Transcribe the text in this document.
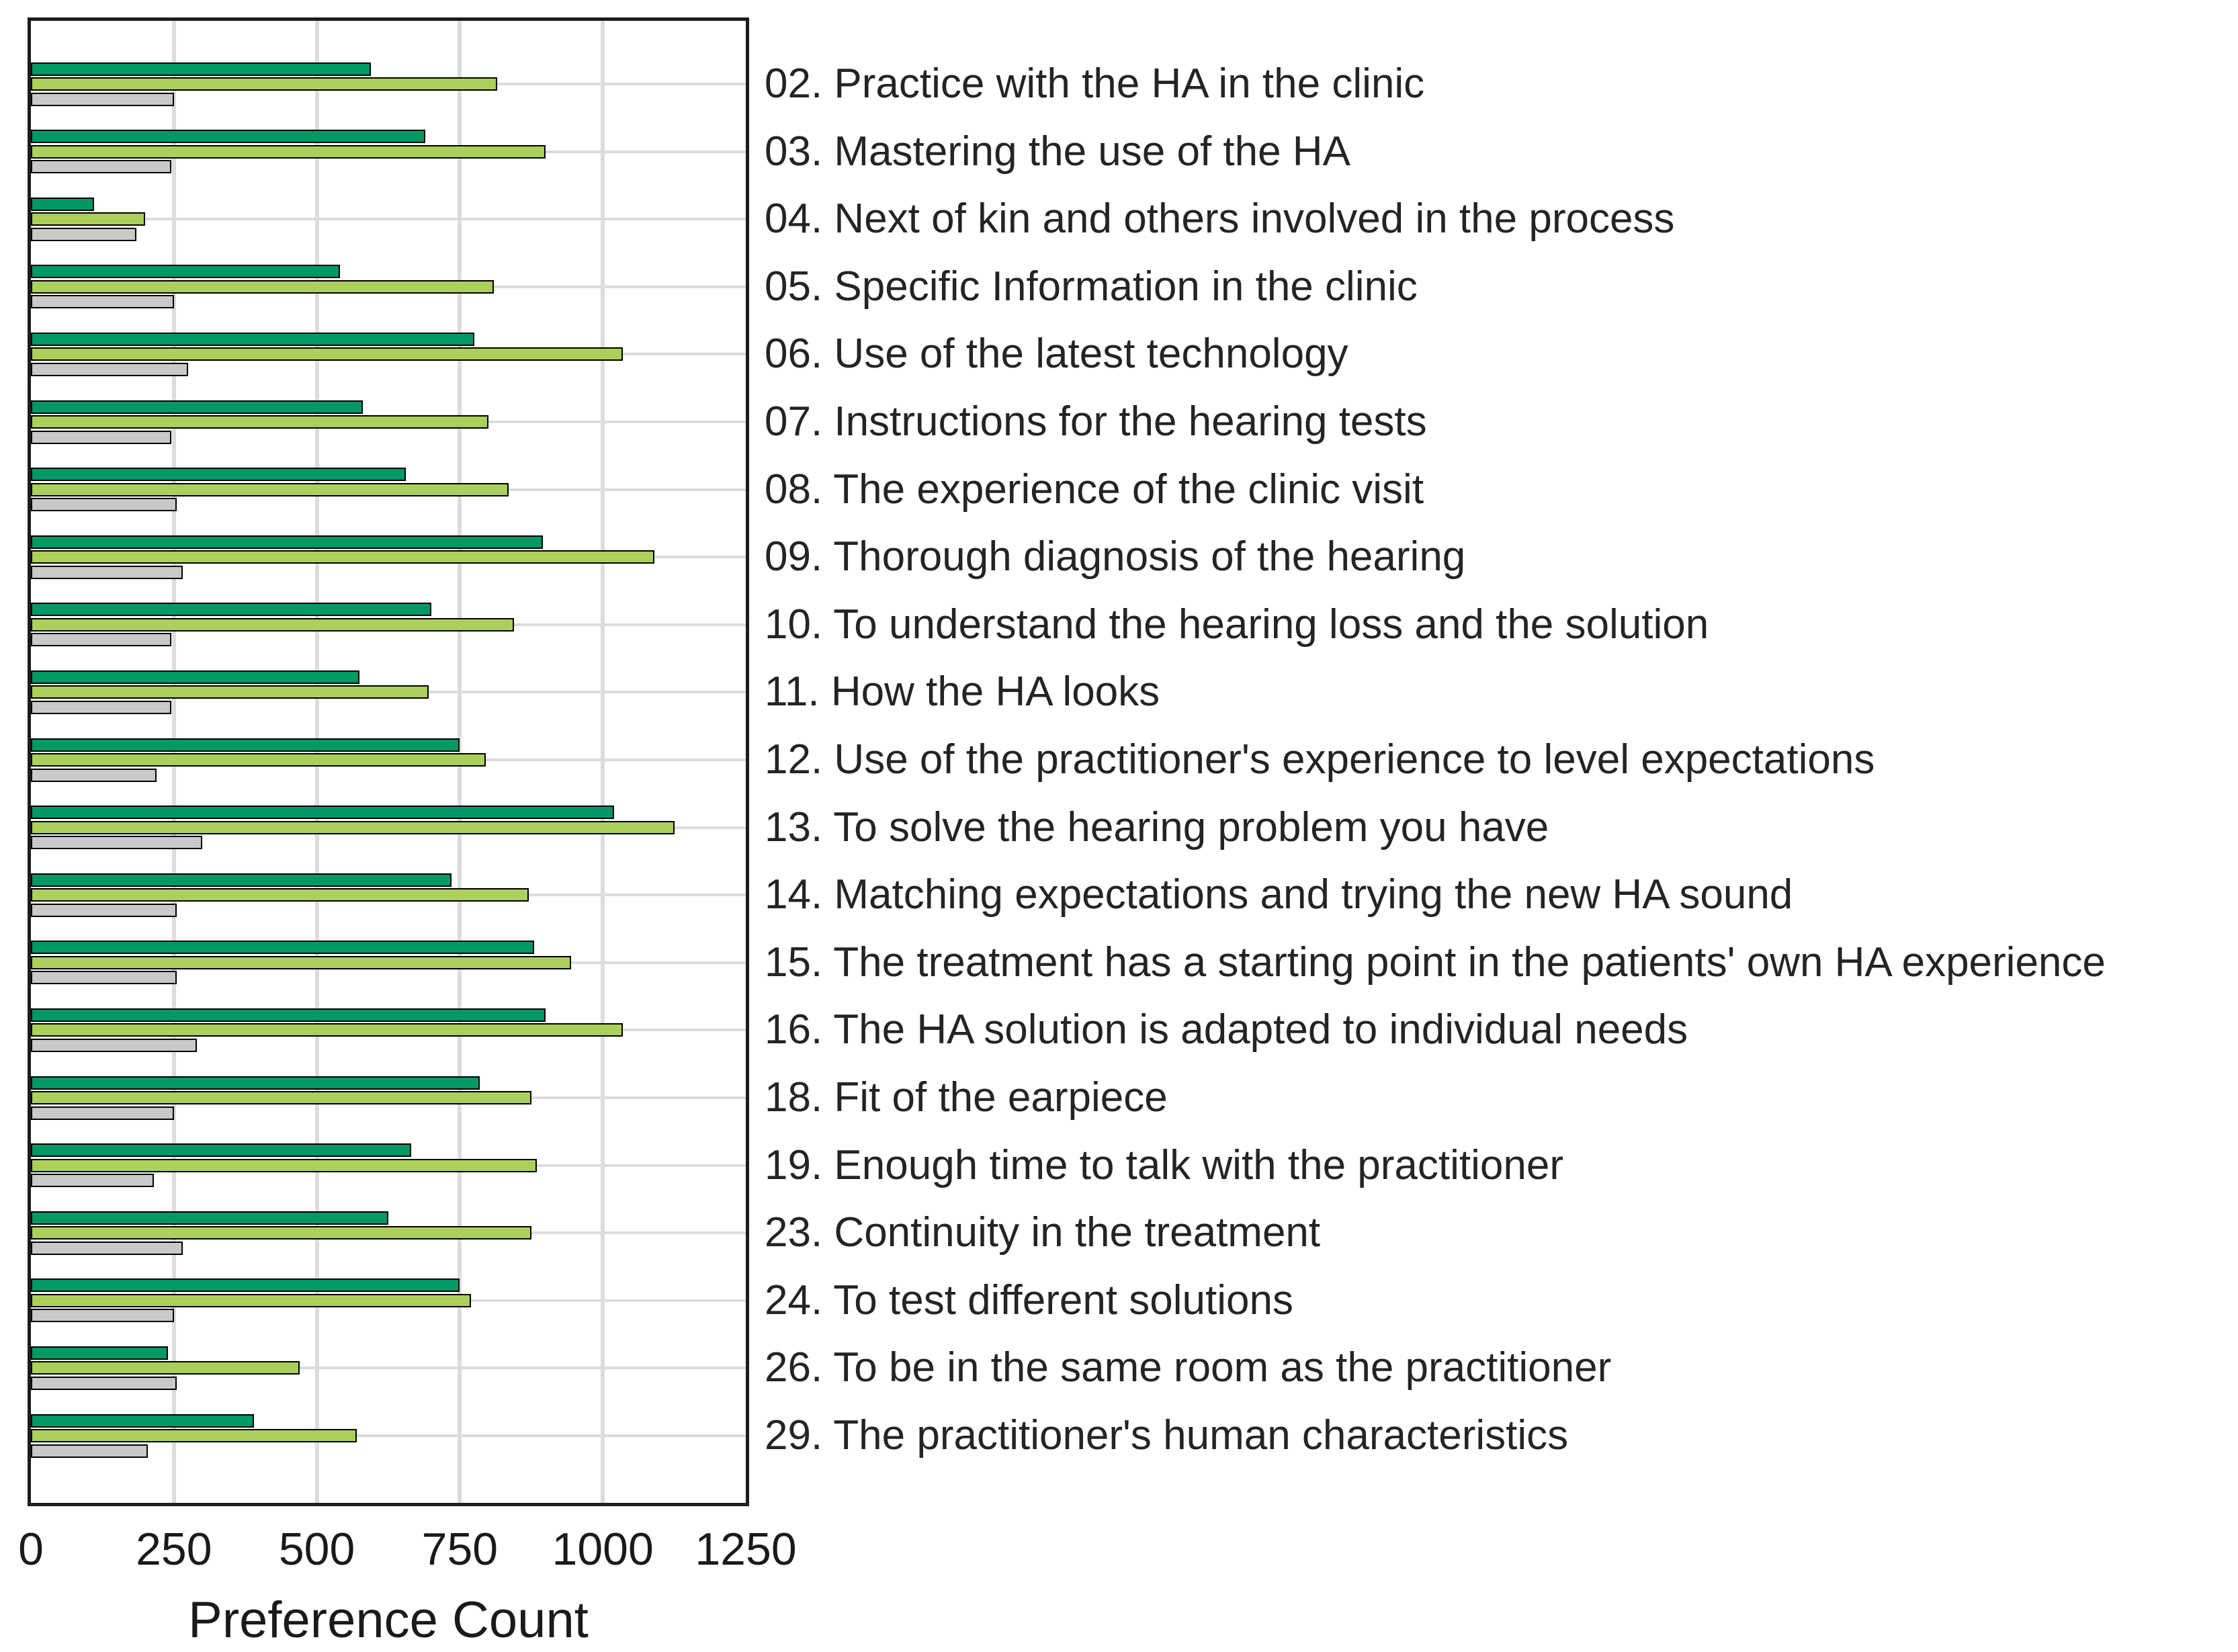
02. Practice with the HA in the clinic
03. Mastering the use of the HA
04. Next of kin and others involved in the process
05. Specific Information in the clinic
06. Use of the latest technology
07. Instructions for the hearing tests
08. The experience of the clinic visit
09. Thorough diagnosis of the hearing
10. To understand the hearing loss and the solution
11. How the HA looks
12. Use of the practitioner's experience to level expectations
13. To solve the hearing problem you have
14. Matching expectations and trying the new HA sound
15. The treatment has a starting point in the patients' own HA experience
16. The HA solution is adapted to individual needs
18. Fit of the earpiece
19. Enough time to talk with the practitioner
23. Continuity in the treatment
24. To test different solutions
26. To be in the same room as the practitioner
29. The practitioner's human characteristics
0 250 500 750 1000 1250
Preference Count
